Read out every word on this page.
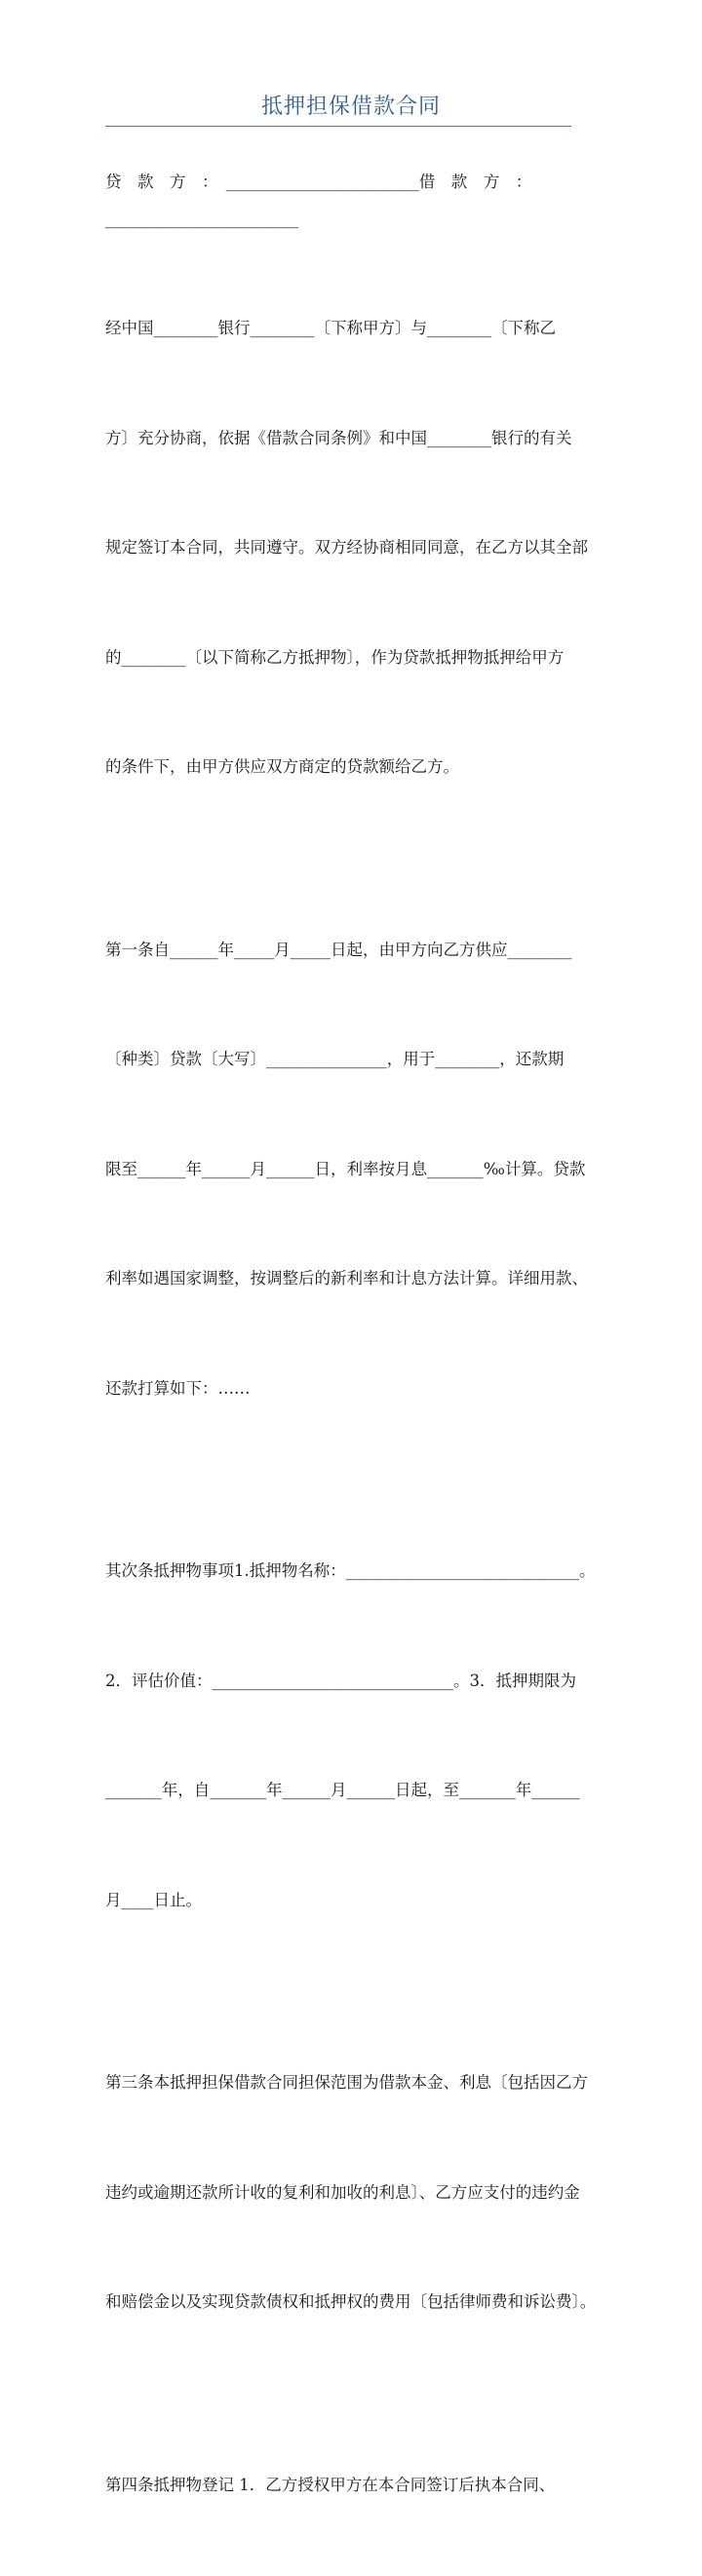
抵押担保借款合同
贷　款　方　：　________________________借　款　方　：
________________________

经中国________银行________〔下称甲方〕与________〔下称乙

方〕充分协商，依据《借款合同条例》和中国________银行的有关

规定签订本合同，共同遵守。双方经协商相同同意，在乙方以其全部

的________〔以下简称乙方抵押物〕，作为贷款抵押物抵押给甲方

的条件下，由甲方供应双方商定的贷款额给乙方。

第一条自______年_____月_____日起，由甲方向乙方供应________

〔种类〕贷款〔大写〕_______________，用于________，还款期

限至______年______月______日，利率按月息_______‰计算。贷款

利率如遇国家调整，按调整后的新利率和计息方法计算。详细用款、

还款打算如下：……

其次条抵押物事项1.抵押物名称：_____________________________。

2．评估价值：______________________________。3．抵押期限为

_______年，自_______年______月______日起，至_______年______

月____日止。

第三条本抵押担保借款合同担保范围为借款本金、利息〔包括因乙方

违约或逾期还款所计收的复利和加收的利息〕、乙方应支付的违约金

和赔偿金以及实现贷款债权和抵押权的费用〔包括律师费和诉讼费〕。

第四条抵押物登记 1．乙方授权甲方在本合同签订后执本合同、
